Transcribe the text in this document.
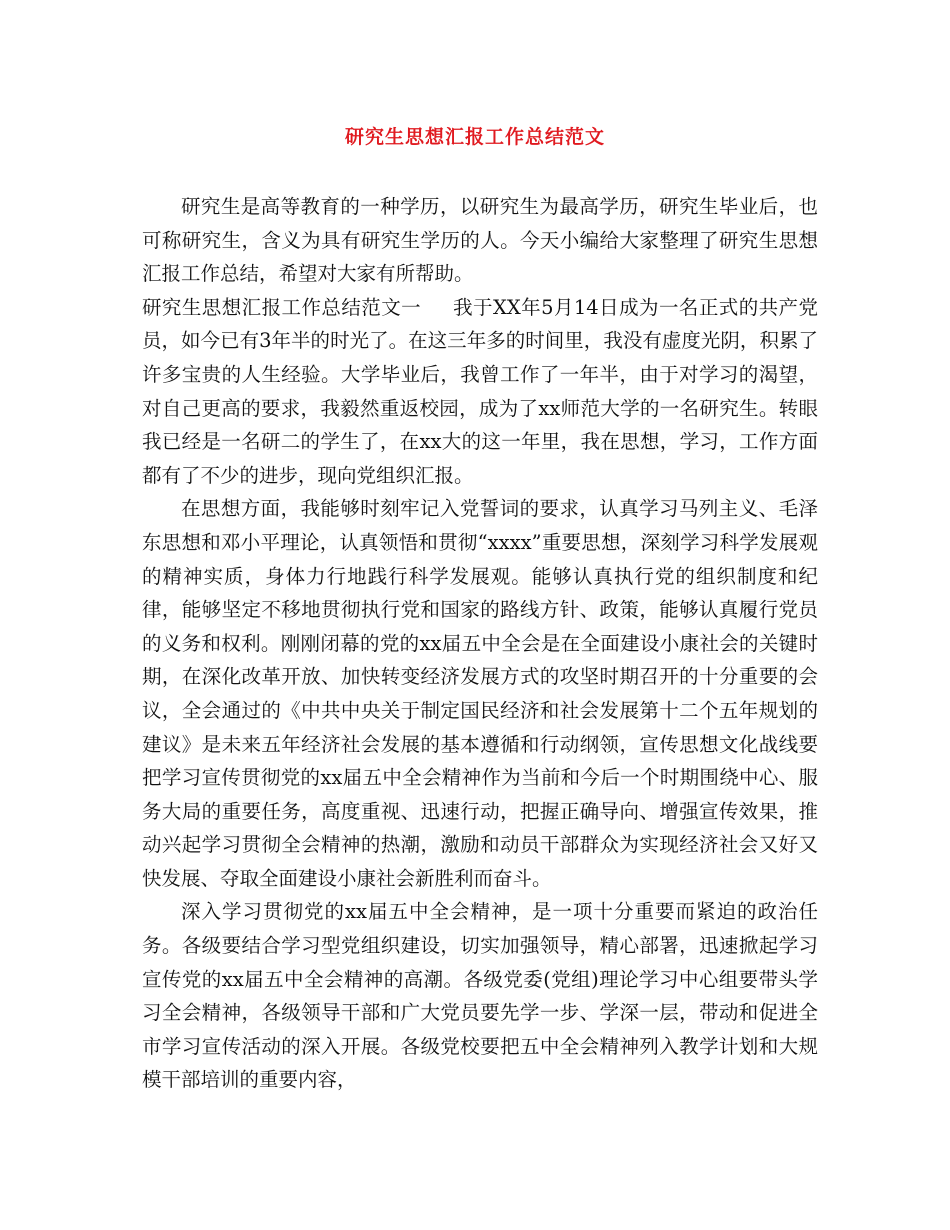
研究生思想汇报工作总结范文

研究生是高等教育的一种学历，以研究生为最高学历，研究生毕业后，也可称研究生，含义为具有研究生学历的人。今天小编给大家整理了研究生思想汇报工作总结，希望对大家有所帮助。

研究生思想汇报工作总结范文一 我于XX年5月14日成为一名正式的共产党员，如今已有3年半的时光了。在这三年多的时间里，我没有虚度光阴，积累了许多宝贵的人生经验。大学毕业后，我曾工作了一年半，由于对学习的渴望，对自己更高的要求，我毅然重返校园，成为了xx师范大学的一名研究生。转眼我已经是一名研二的学生了，在xx大的这一年里，我在思想，学习，工作方面都有了不少的进步，现向党组织汇报。

在思想方面，我能够时刻牢记入党誓词的要求，认真学习马列主义、毛泽东思想和邓小平理论，认真领悟和贯彻“xxxx”重要思想，深刻学习科学发展观的精神实质，身体力行地践行科学发展观。能够认真执行党的组织制度和纪律，能够坚定不移地贯彻执行党和国家的路线方针、政策，能够认真履行党员的义务和权利。刚刚闭幕的党的xx届五中全会是在全面建设小康社会的关键时期，在深化改革开放、加快转变经济发展方式的攻坚时期召开的十分重要的会议，全会通过的《中共中央关于制定国民经济和社会发展第十二个五年规划的建议》是未来五年经济社会发展的基本遵循和行动纲领，宣传思想文化战线要把学习宣传贯彻党的xx届五中全会精神作为当前和今后一个时期围绕中心、服务大局的重要任务，高度重视、迅速行动，把握正确导向、增强宣传效果，推动兴起学习贯彻全会精神的热潮，激励和动员干部群众为实现经济社会又好又快发展、夺取全面建设小康社会新胜利而奋斗。

深入学习贯彻党的xx届五中全会精神，是一项十分重要而紧迫的政治任务。各级要结合学习型党组织建设，切实加强领导，精心部署，迅速掀起学习宣传党的xx届五中全会精神的高潮。各级党委(党组)理论学习中心组要带头学习全会精神，各级领导干部和广大党员要先学一步、学深一层，带动和促进全市学习宣传活动的深入开展。各级党校要把五中全会精神列入教学计划和大规模干部培训的重要内容，
